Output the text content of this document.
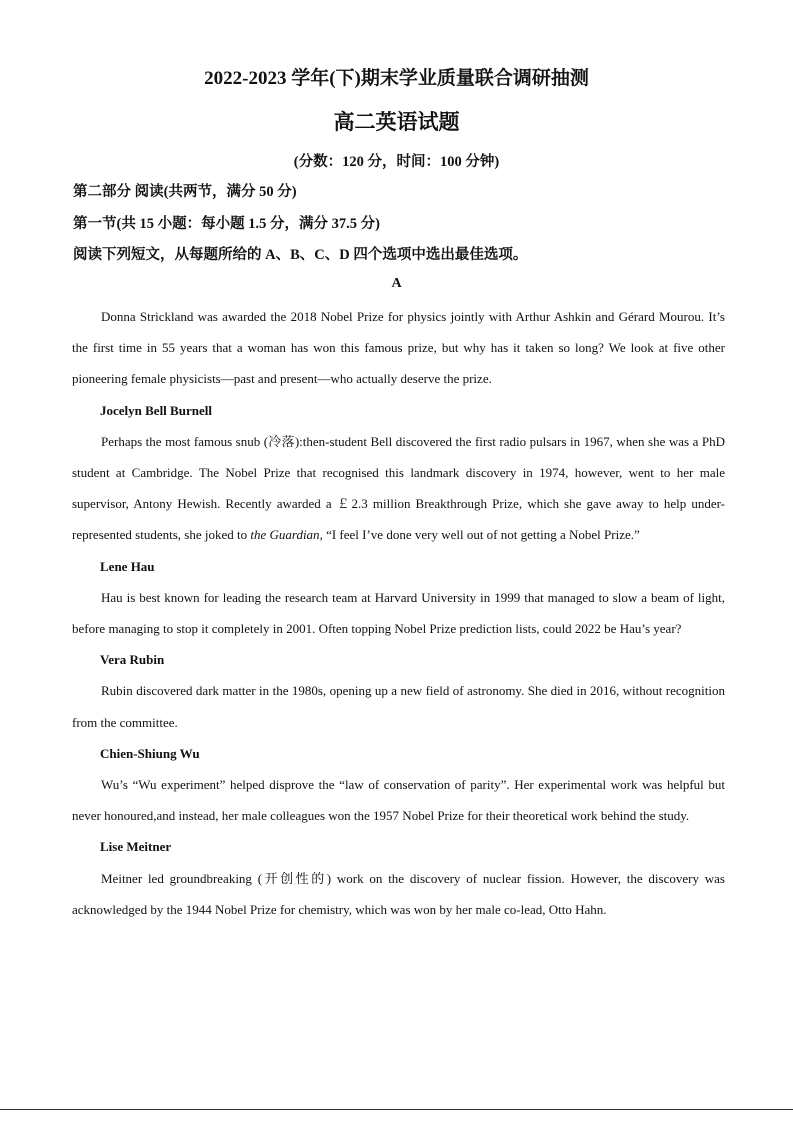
2022-2023 学年(下)期末学业质量联合调研抽测
高二英语试题
(分数：120 分，时间：100 分钟)
第二部分 阅读(共两节，满分 50 分)
第一节(共 15 小题：每小题 1.5 分，满分 37.5 分)
阅读下列短文，从每题所给的 A、B、C、D 四个选项中选出最佳选项。
A

Donna Strickland was awarded the 2018 Nobel Prize for physics jointly with Arthur Ashkin and Gérard Mourou. It’s the first time in 55 years that a woman has won this famous prize, but why has it taken so long? We look at five other pioneering female physicists—past and present—who actually deserve the prize.

Jocelyn Bell Burnell

Perhaps the most famous snub (冷落):then-student Bell discovered the first radio pulsars in 1967, when she was a PhD student at Cambridge. The Nobel Prize that recognised this landmark discovery in 1974, however, went to her male supervisor, Antony Hewish. Recently awarded a ￡2.3 million Breakthrough Prize, which she gave away to help under-represented students, she joked to the Guardian, “I feel I’ve done very well out of not getting a Nobel Prize.”

Lene Hau

Hau is best known for leading the research team at Harvard University in 1999 that managed to slow a beam of light, before managing to stop it completely in 2001. Often topping Nobel Prize prediction lists, could 2022 be Hau’s year?

Vera Rubin

Rubin discovered dark matter in the 1980s, opening up a new field of astronomy. She died in 2016, without recognition from the committee.

Chien-Shiung Wu

Wu’s “Wu experiment” helped disprove the “law of conservation of parity”. Her experimental work was helpful but never honoured,and instead, her male colleagues won the 1957 Nobel Prize for their theoretical work behind the study.

Lise Meitner

Meitner led groundbreaking (开创性的) work on the discovery of nuclear fission. However, the discovery was acknowledged by the 1944 Nobel Prize for chemistry, which was won by her male co-lead, Otto Hahn.
